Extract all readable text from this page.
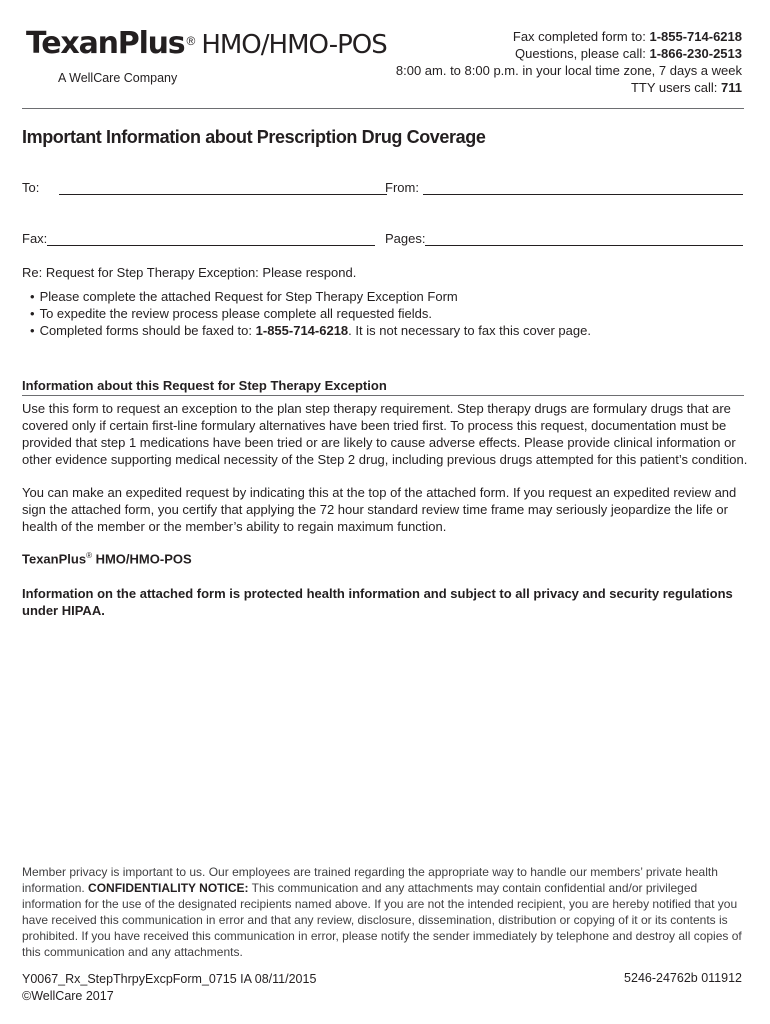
TexanPlus ® HMO/HMO-POS
A WellCare Company
Fax completed form to: 1-855-714-6218
Questions, please call: 1-866-230-2513
8:00 am. to 8:00 p.m. in your local time zone, 7 days a week
TTY users call: 711
Important Information about Prescription Drug Coverage
To:	From:
Fax:	Pages:
Re: Request for Step Therapy Exception: Please respond.
• Please complete the attached Request for Step Therapy Exception Form
• To expedite the review process please complete all requested fields.
• Completed forms should be faxed to: 1-855-714-6218. It is not necessary to fax this cover page.
Information about this Request for Step Therapy Exception

Use this form to request an exception to the plan step therapy requirement. Step therapy drugs are formulary drugs that are covered only if certain first-line formulary alternatives have been tried first. To process this request, documentation must be provided that step 1 medications have been tried or are likely to cause adverse effects. Please provide clinical information or other evidence supporting medical necessity of the Step 2 drug, including previous drugs attempted for this patient’s condition.

You can make an expedited request by indicating this at the top of the attached form. If you request an expedited review and sign the attached form, you certify that applying the 72 hour standard review time frame may seriously jeopardize the life or health of the member or the member’s ability to regain maximum function.

TexanPlus® HMO/HMO-POS

Information on the attached form is protected health information and subject to all privacy and security regulations under HIPAA.

Member privacy is important to us. Our employees are trained regarding the appropriate way to handle our members’ private health information. CONFIDENTIALITY NOTICE: This communication and any attachments may contain confidential and/or privileged information for the use of the designated recipients named above. If you are not the intended recipient, you are hereby notified that you have received this communication in error and that any review, disclosure, dissemination, distribution or copying of it or its contents is prohibited. If you have received this communication in error, please notify the sender immediately by telephone and destroy all copies of this communication and any attachments.

Y0067_Rx_StepThrpyExcpForm_0715 IA 08/11/2015
©WellCare 2017
5246-24762b 011912
